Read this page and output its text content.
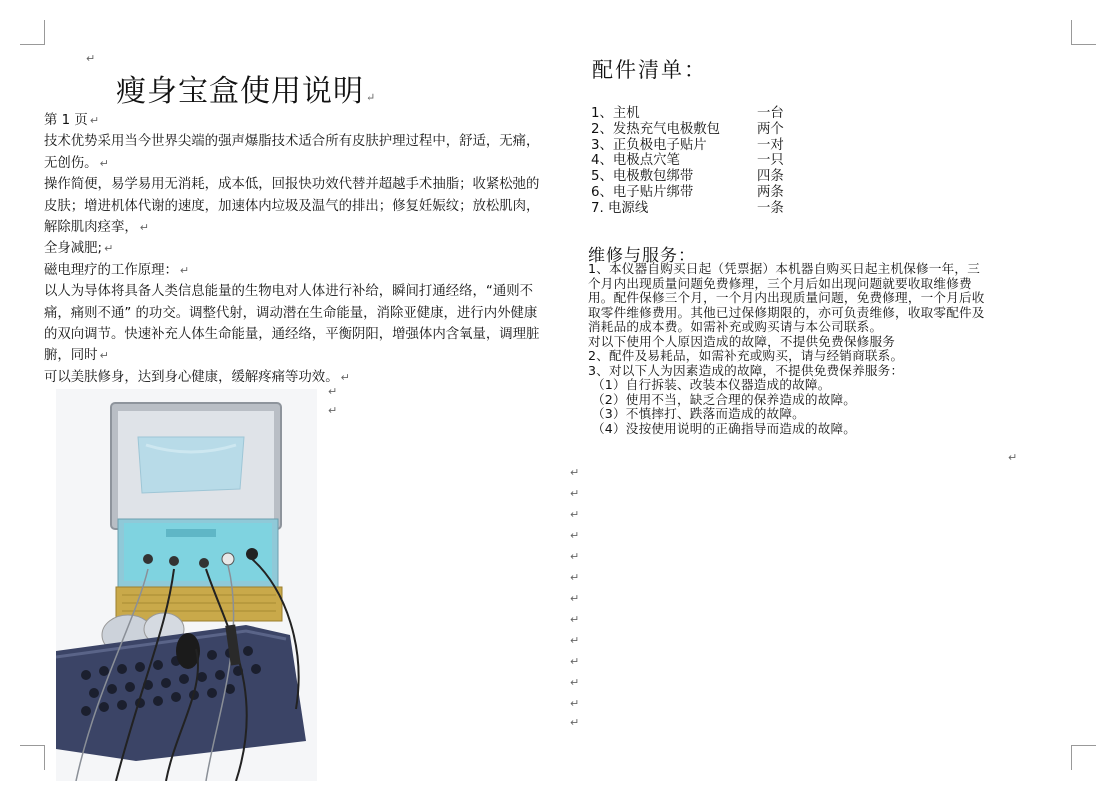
↵
瘦身宝盒使用说明 ↵

第 1 页 ↵

技术优势采用当今世界尖端的强声爆脂技术适合所有皮肤护理过程中，舒适，无痛，无创伤。 ↵

操作简便，易学易用无消耗，成本低，回报快功效代替并超越手术抽脂；收紧松弛的皮肤；增进机体代谢的速度，加速体内垃圾及温气的排出；修复妊娠纹；放松肌肉，解除肌肉痉挛， ↵

全身减肥; ↵

磁电理疗的工作原理： ↵

以人为导体将具备人类信息能量的生物电对人体进行补给，瞬间打通经络，“通则不痛，痛则不通” 的功交。调整代射，调动潜在生命能量，消除亚健康，进行内外健康的双向调节。快速补充人体生命能量，通经络，平衡阴阳，增强体内含氧量，调理脏腑，同时 ↵

可以美肤修身，达到身心健康，缓解疼痛等功效。 ↵

↵
↵
配件清单：
1、主机	一台
2、发热充气电极敷包	两个
3、正负极电子贴片	一对
4、电极点穴笔	一只
5、电极敷包绑带	四条
6、电子贴片绑带	两条
7. 电源线	一条
维修与服务：

1、本仪器自购买日起（凭票据）本机器自购买日起主机保修一年，三个月内出现质量问题免费修理，三个月后如出现问题就要收取维修费用。配件保修三个月，一个月内出现质量问题，免费修理，一个月后收取零件维修费用。其他已过保修期限的，亦可负责维修，收取零配件及消耗品的成本费。如需补充或购买请与本公司联系。

对以下使用个人原因造成的故障，不提供免费保修服务

2、配件及易耗品，如需补充或购买，请与经销商联系。

3、对以下人为因素造成的故障，不提供免费保养服务：

（1）自行拆装、改装本仪器造成的故障。

（2）使用不当，缺乏合理的保养造成的故障。

（3）不慎摔打、跌落而造成的故障。

（4）没按使用说明的正确指导而造成的故障。

↵
↵
↵
↵
↵
↵
↵
↵
↵
↵
↵
↵
↵
↵
